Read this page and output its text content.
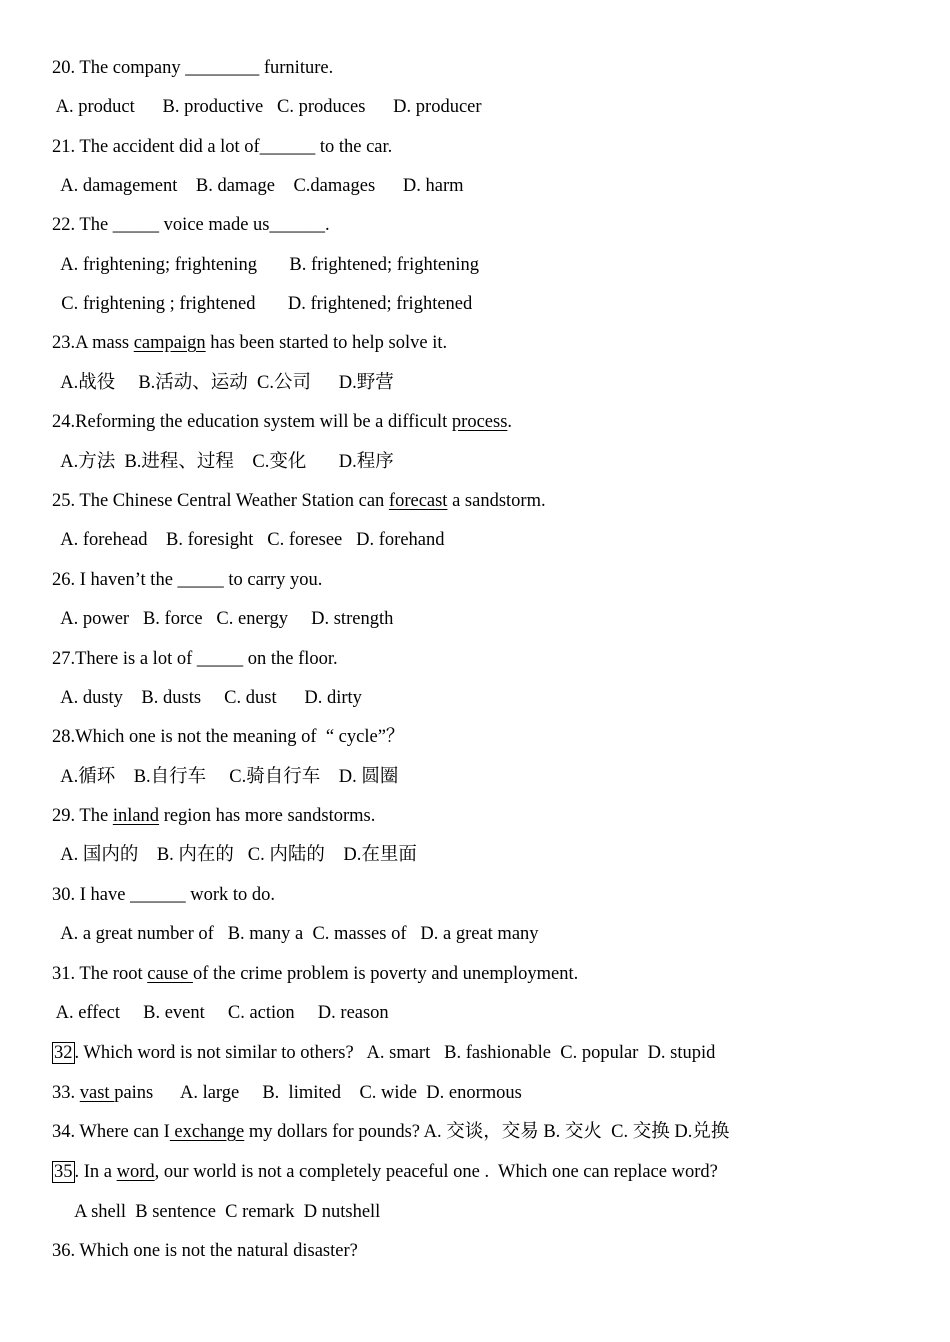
20. The company ________ furniture.
A. product      B. productive   C. produces      D. producer
21. The accident did a lot of______ to the car.
A. damagement    B. damage    C.damages      D. harm
22. The _____ voice made us______.
A. frightening; frightening       B. frightened; frightening
C. frightening ; frightened       D. frightened; frightened
23.A mass campaign has been started to help solve it.
A.战役     B.活动、运动  C.公司      D.野营
24.Reforming the education system will be a difficult process.
A.方法  B.进程、过程    C.变化       D.程序
25. The Chinese Central Weather Station can forecast a sandstorm.
A. forehead    B. foresight   C. foresee   D. forehand
26. I haven’t the _____ to carry you.
A. power   B. force   C. energy     D. strength
27.There is a lot of _____ on the floor.
A. dusty    B. dusts     C. dust      D. dirty
28.Which one is not the meaning of  “ cycle”？
A.循环    B.自行车     C.骑自行车    D. 圆圈
29. The inland region has more sandstorms.
A. 国内的    B. 内在的   C. 内陆的    D.在里面
30. I have ______ work to do.
A. a great number of   B. many a  C. masses of   D. a great many
31. The root cause of the crime problem is poverty and unemployment.
A. effect     B. event     C. action     D. reason
32 . Which word is not similar to others?   A. smart   B. fashionable  C. popular  D. stupid
33. vast pains      A. large     B.  limited    C. wide  D. enormous
34. Where can I exchange my dollars for pounds? A. 交谈，交易 B. 交火  C. 交换 D.兑换
35 . In a word, our world is not a completely peaceful one .  Which one can replace word?
A shell  B sentence  C remark  D nutshell
36. Which one is not the natural disaster?
